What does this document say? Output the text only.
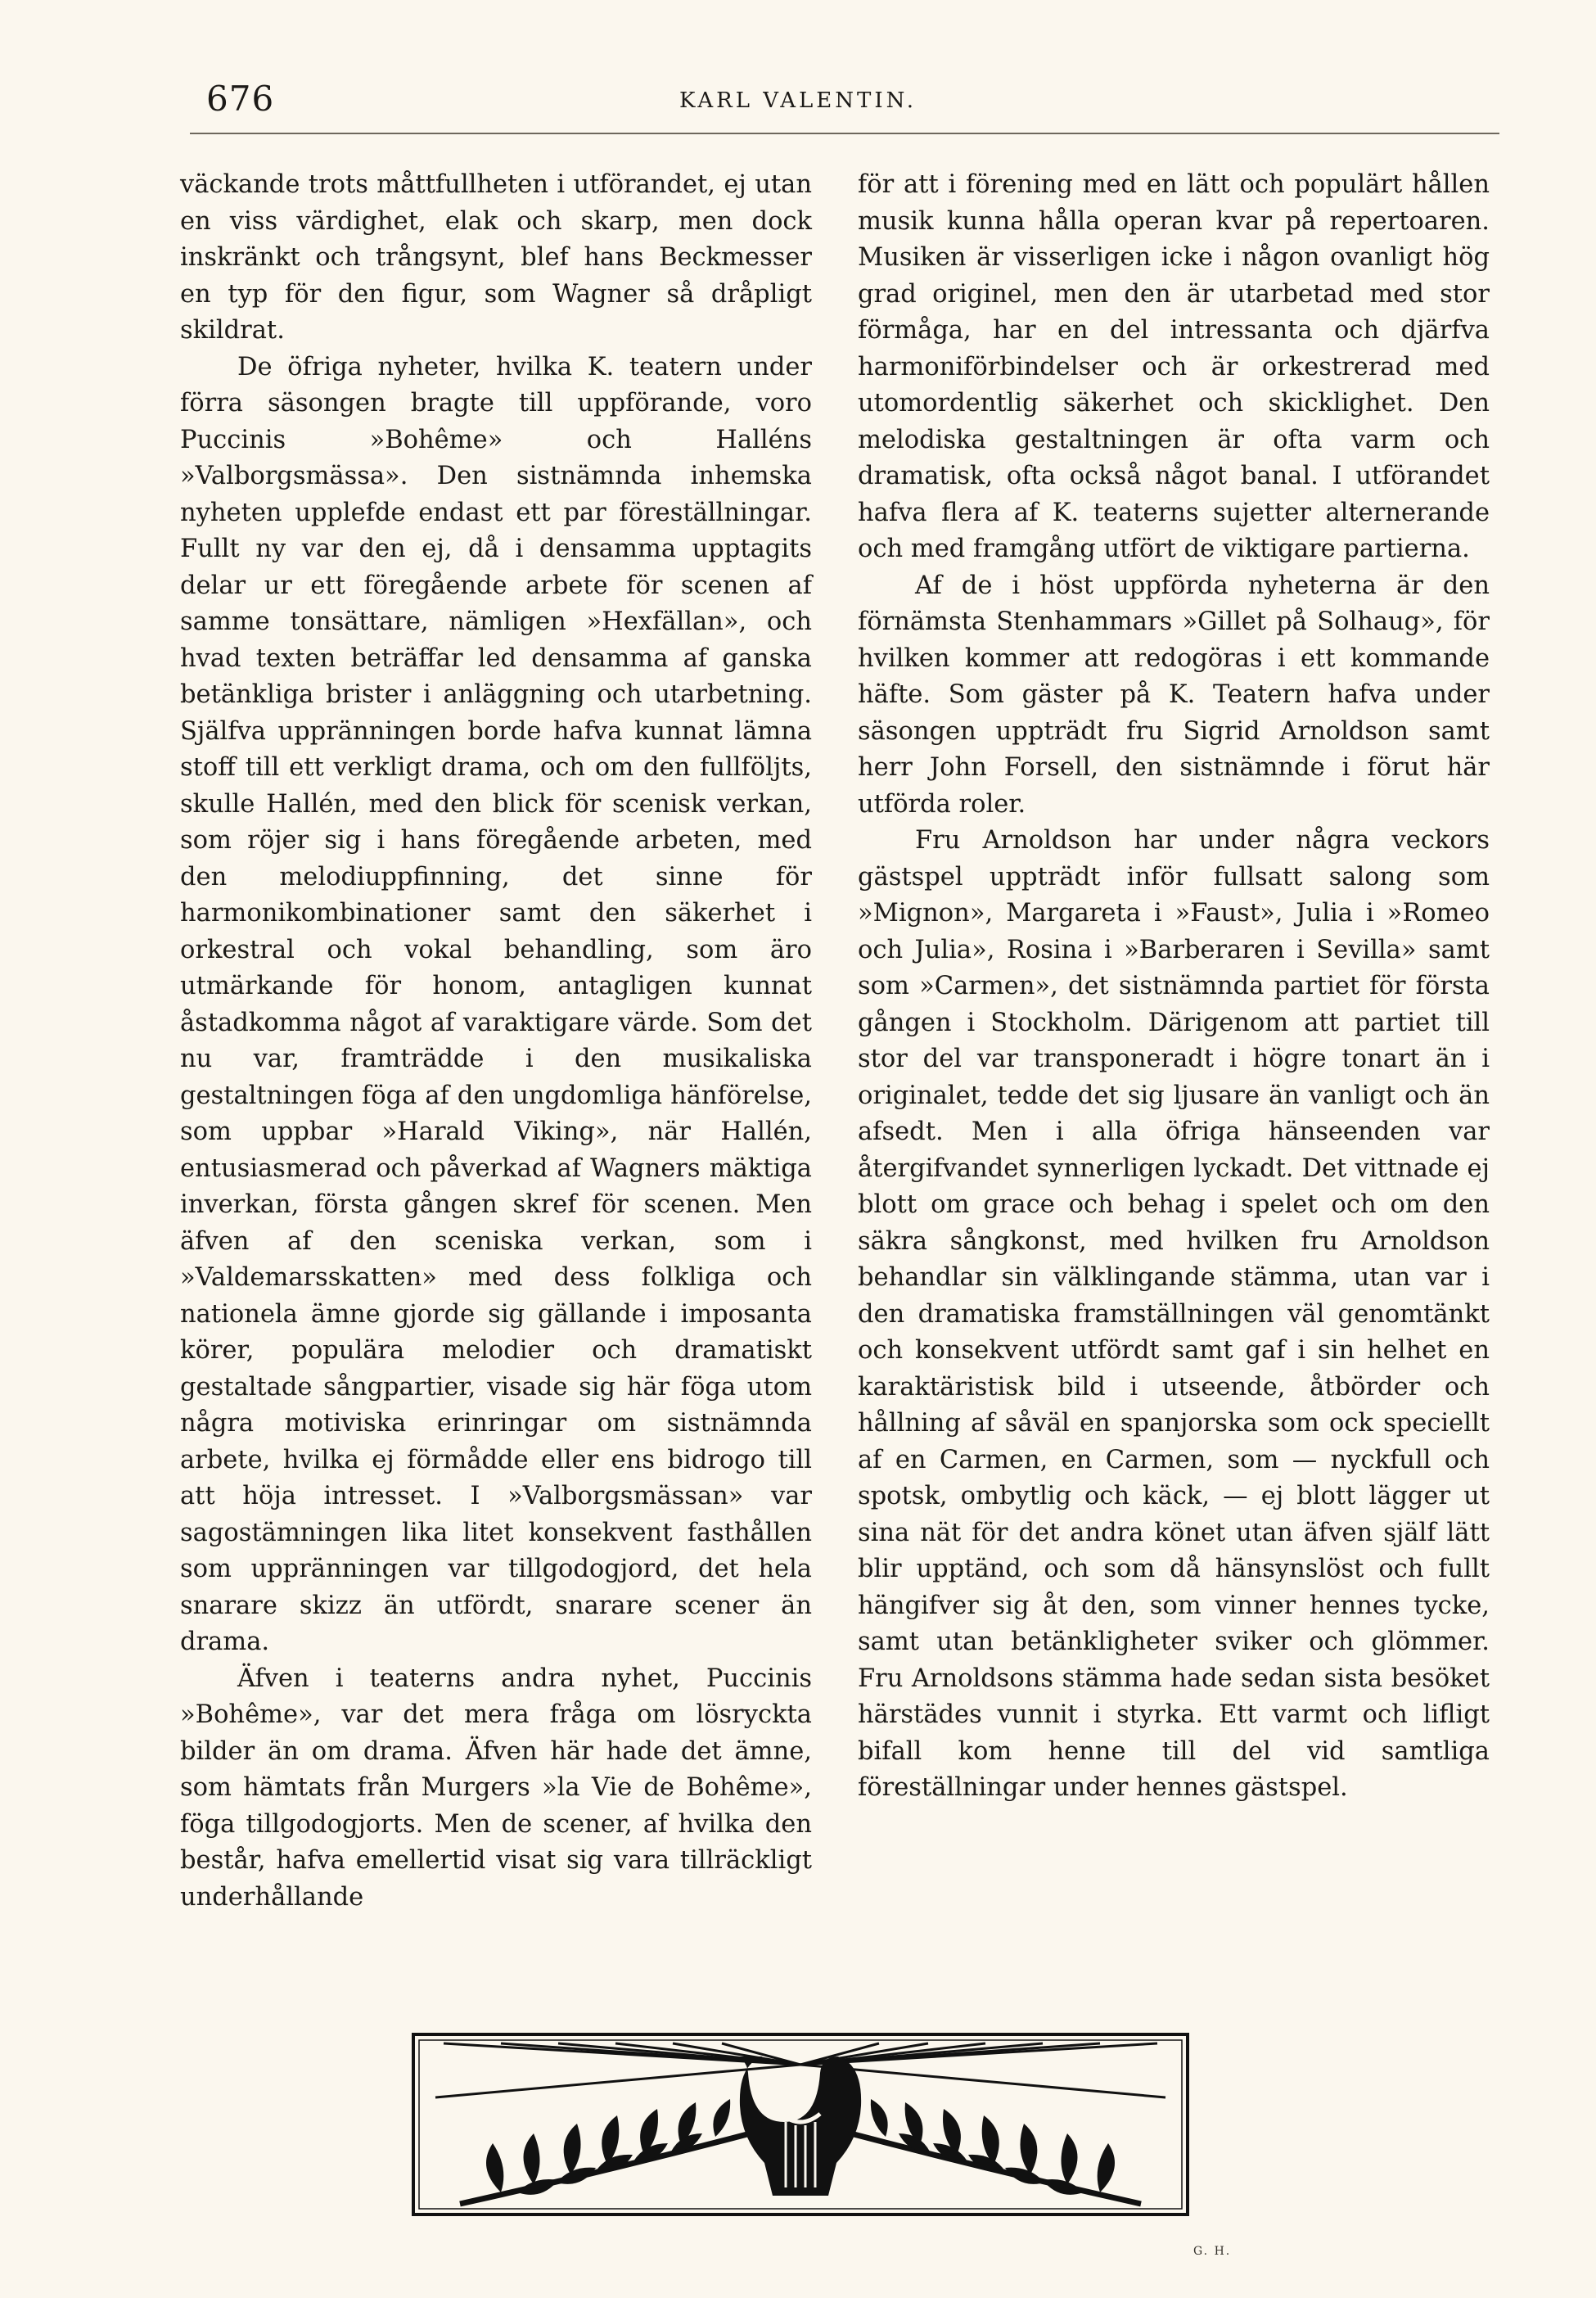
676	KARL VALENTIN.

väckande trots måttfullheten i utförandet, ej utan en viss värdighet, elak och skarp, men dock inskränkt och trångsynt, blef hans Beckmesser en typ för den figur, som Wagner så dråpligt skildrat.

De öfriga nyheter, hvilka K. teatern under förra säsongen bragte till uppförande, voro Puccinis »Bohême» och Halléns »Valborgsmässa». Den sistnämnda inhemska nyheten upplefde endast ett par föreställningar. Fullt ny var den ej, då i densamma upptagits delar ur ett föregående arbete för scenen af samme tonsättare, nämligen »Hexfällan», och hvad texten beträffar led densamma af ganska betänkliga brister i anläggning och utarbetning. Själfva uppränningen borde hafva kunnat lämna stoff till ett verkligt drama, och om den fullföljts, skulle Hallén, med den blick för scenisk verkan, som röjer sig i hans föregående arbeten, med den melodiuppfinning, det sinne för harmonikombinationer samt den säkerhet i orkestral och vokal behandling, som äro utmärkande för honom, antagligen kunnat åstadkomma något af varaktigare värde. Som det nu var, framträdde i den musikaliska gestaltningen föga af den ungdomliga hänförelse, som uppbar »Harald Viking», när Hallén, entusiasmerad och påverkad af Wagners mäktiga inverkan, första gången skref för scenen. Men äfven af den sceniska verkan, som i »Valdemarsskatten» med dess folkliga och nationela ämne gjorde sig gällande i imposanta körer, populära melodier och dramatiskt gestaltade sångpartier, visade sig här föga utom några motiviska erinringar om sistnämnda arbete, hvilka ej förmådde eller ens bidrogo till att höja intresset. I »Valborgsmässan» var sagostämningen lika litet konsekvent fasthållen som uppränningen var tillgodogjord, det hela snarare skizz än utfördt, snarare scener än drama.

Äfven i teaterns andra nyhet, Puccinis »Bohême», var det mera fråga om lösryckta bilder än om drama. Äfven här hade det ämne, som hämtats från Murgers »la Vie de Bohême», föga tillgodogjorts. Men de scener, af hvilka den består, hafva emellertid visat sig vara tillräckligt underhållande

för att i förening med en lätt och populärt hållen musik kunna hålla operan kvar på repertoaren. Musiken är visserligen icke i någon ovanligt hög grad originel, men den är utarbetad med stor förmåga, har en del intressanta och djärfva harmoniförbindelser och är orkestrerad med utomordentlig säkerhet och skicklighet. Den melodiska gestaltningen är ofta varm och dramatisk, ofta också något banal. I utförandet hafva flera af K. teaterns sujetter alternerande och med framgång utfört de viktigare partierna.

Af de i höst uppförda nyheterna är den förnämsta Stenhammars »Gillet på Solhaug», för hvilken kommer att redogöras i ett kommande häfte. Som gäster på K. Teatern hafva under säsongen uppträdt fru Sigrid Arnoldson samt herr John Forsell, den sistnämnde i förut här utförda roler.

Fru Arnoldson har under några veckors gästspel uppträdt inför fullsatt salong som »Mignon», Margareta i »Faust», Julia i »Romeo och Julia», Rosina i »Barberaren i Sevilla» samt som »Carmen», det sistnämnda partiet för första gången i Stockholm. Därigenom att partiet till stor del var transponeradt i högre tonart än i originalet, tedde det sig ljusare än vanligt och än afsedt. Men i alla öfriga hänseenden var återgifvandet synnerligen lyckadt. Det vittnade ej blott om grace och behag i spelet och om den säkra sångkonst, med hvilken fru Arnoldson behandlar sin välklingande stämma, utan var i den dramatiska framställningen väl genomtänkt och konsekvent utfördt samt gaf i sin helhet en karaktäristisk bild i utseende, åtbörder och hållning af såväl en spanjorska som ock speciellt af en Carmen, en Carmen, som — nyckfull och spotsk, ombytlig och käck, — ej blott lägger ut sina nät för det andra könet utan äfven själf lätt blir upptänd, och som då hänsynslöst och fullt hängifver sig åt den, som vinner hennes tycke, samt utan betänkligheter sviker och glömmer. Fru Arnoldsons stämma hade sedan sista besöket härstädes vunnit i styrka. Ett varmt och lifligt bifall kom henne till del vid samtliga föreställningar under hennes gästspel.

G. H.
